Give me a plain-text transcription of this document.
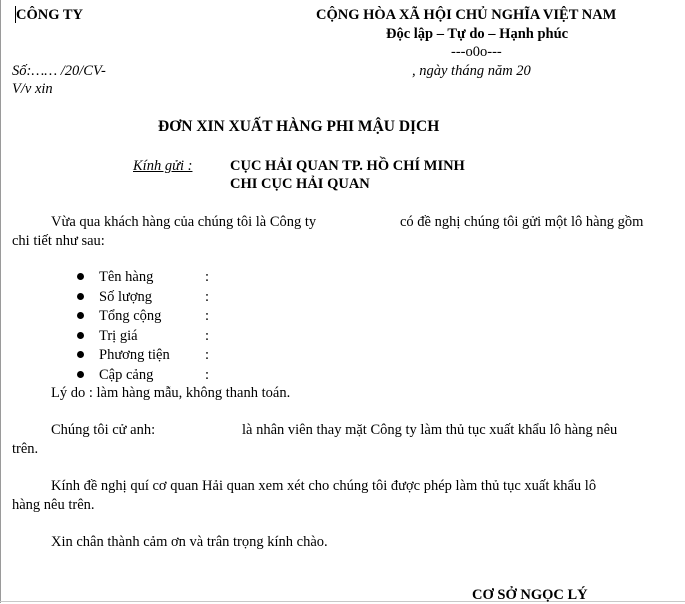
CÔNG TY	CỘNG HÒA XÃ HỘI CHỦ NGHĨA VIỆT NAM
Độc lập – Tự do – Hạnh phúc
---o0o---
Số:…… /20/CV-	, ngày tháng năm 20
V/v xin
ĐƠN XIN XUẤT HÀNG PHI MẬU DỊCH
Kính gửi :	CỤC HẢI QUAN TP. HỒ CHÍ MINH
CHI CỤC HẢI QUAN
Vừa qua khách hàng của chúng tôi là Công ty	có đề nghị chúng tôi gửi một lô hàng gồm
chi tiết như sau:
Tên hàng	:
Số lượng	:
Tổng cộng	:
Trị giá	:
Phương tiện :
Cập cảng	:
Lý do : làm hàng mẫu, không thanh toán.
Chúng tôi cử anh:	là nhân viên thay mặt Công ty làm thủ tục xuất khẩu lô hàng nêu
trên.
Kính đề nghị quí cơ quan Hải quan xem xét cho chúng tôi được phép làm thủ tục xuất khẩu lô
hàng nêu trên.
Xin chân thành cảm ơn và trân trọng kính chào.
CƠ SỞ NGỌC LÝ
